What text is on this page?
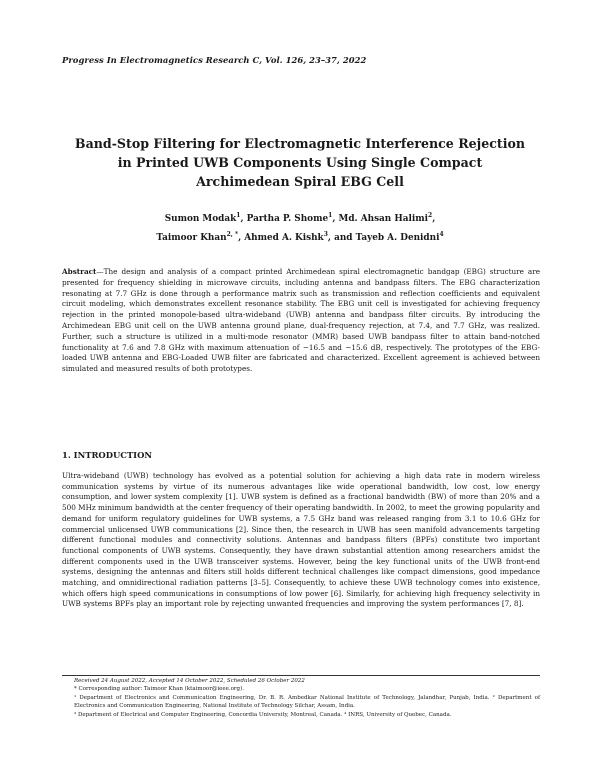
Progress In Electromagnetics Research C, Vol. 126, 23–37, 2022
Band-Stop Filtering for Electromagnetic Interference Rejection
in Printed UWB Components Using Single Compact
Archimedean Spiral EBG Cell
Sumon Modak$^1$, Partha P. Shome$^1$, Md. Ahsan Halimi$^2$,
Taimoor Khan$^{2, *}$, Ahmed A. Kishk$^3$, and Tayeb A. Denidni$^4$
Abstract—The design and analysis of a compact printed Archimedean spiral electromagnetic bandgap (EBG) structure are presented for frequency shielding in microwave circuits, including antenna and bandpass filters. The EBG characterization resonating at 7.7 GHz is done through a performance matrix such as transmission and reflection coefficients and equivalent circuit modeling, which demonstrates excellent resonance stability. The EBG unit cell is investigated for achieving frequency rejection in the printed monopole-based ultra-wideband (UWB) antenna and bandpass filter circuits. By introducing the Archimedean EBG unit cell on the UWB antenna ground plane, dual-frequency rejection, at 7.4, and 7.7 GHz, was realized. Further, such a structure is utilized in a multi-mode resonator (MMR) based UWB bandpass filter to attain band-notched functionality at 7.6 and 7.8 GHz with maximum attenuation of −16.5 and −15.6 dB, respectively. The prototypes of the EBG-loaded UWB antenna and EBG-Loaded UWB filter are fabricated and characterized. Excellent agreement is achieved between simulated and measured results of both prototypes.
1. INTRODUCTION
Ultra-wideband (UWB) technology has evolved as a potential solution for achieving a high data rate in modern wireless communication systems by virtue of its numerous advantages like wide operational bandwidth, low cost, low energy consumption, and lower system complexity [1]. UWB system is defined as a fractional bandwidth (BW) of more than 20% and a 500 MHz minimum bandwidth at the center frequency of their operating bandwidth. In 2002, to meet the growing popularity and demand for uniform regulatory guidelines for UWB systems, a 7.5 GHz band was released ranging from 3.1 to 10.6 GHz for commercial unlicensed UWB communications [2]. Since then, the research in UWB has seen manifold advancements targeting different functional modules and connectivity solutions. Antennas and bandpass filters (BPFs) constitute two important functional components of UWB systems. Consequently, they have drawn substantial attention among researchers amidst the different components used in the UWB transceiver systems. However, being the key functional units of the UWB front-end systems, designing the antennas and filters still holds different technical challenges like compact dimensions, good impedance matching, and omnidirectional radiation patterns [3–5]. Consequently, to achieve these UWB technology comes into existence, which offers high speed communications in consumptions of low power [6]. Similarly, for achieving high frequency selectivity in UWB systems BPFs play an important role by rejecting unwanted frequencies and improving the system performances [7, 8].

Received 24 August 2022, Accepted 14 October 2022, Scheduled 26 October 2022

* Corresponding author: Taimoor Khan (ktaimoor@ieee.org).

¹ Department of Electronics and Communication Engineering, Dr. B. R. Ambedkar National Institute of Technology, Jalandhar, Punjab, India. ² Department of Electronics and Communication Engineering, National Institute of Technology Silchar, Assam, India.

³ Department of Electrical and Computer Engineering, Concordia University, Montreal, Canada. ⁴ INRS, University of Quebec, Canada.
